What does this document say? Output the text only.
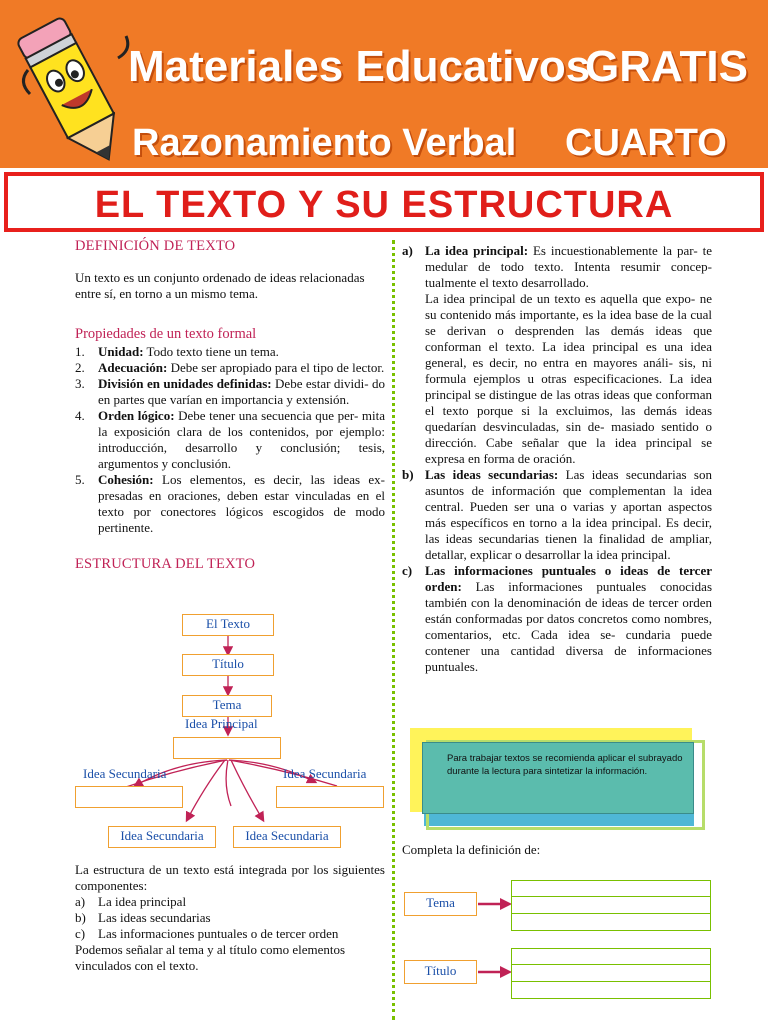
Materiales Educativos
GRATIS
Razonamiento Verbal CUARTO
EL TEXTO Y SU ESTRUCTURA
DEFINICIÓN DE TEXTO
Un texto es un conjunto ordenado de ideas relacionadas entre sí, en torno a un mismo tema.
Propiedades de un texto formal
1. Unidad: Todo texto tiene un tema.
2. Adecuación: Debe ser apropiado para el tipo de lector.
3. División en unidades definidas: Debe estar dividi- do en partes que varían en importancia y extensión.
4. Orden lógico: Debe tener una secuencia que per- mita la exposición clara de los contenidos, por ejemplo: introducción, desarrollo y conclusión; tesis, argumentos y conclusión.
5. Cohesión: Los elementos, es decir, las ideas ex- presadas en oraciones, deben estar vinculadas en el texto por conectores lógicos escogidos de modo pertinente.
ESTRUCTURA DEL TEXTO
El Texto
Título
Tema
Idea Principal
Idea Secundaria	Idea Secundaria
Idea Secundaria	Idea Secundaria
La estructura de un texto está integrada por los siguientes componentes:
a) La idea principal
b) Las ideas secundarias
c) Las informaciones puntuales o de tercer orden
Podemos señalar al tema y al título como elementos vinculados con el texto.
a) La idea principal: Es incuestionablemente la par- te medular de todo texto. Intenta resumir concep- tualmente el texto desarrollado.
La idea principal de un texto es aquella que expo- ne su contenido más importante, es la idea base de la cual se derivan o desprenden las demás ideas que conforman el texto. La idea principal es una idea general, es decir, no entra en mayores análi- sis, ni formula ejemplos u otras especificaciones. La idea principal se distingue de las otras ideas que conforman el texto porque si la excluimos, las demás ideas quedarían desvinculadas, sin de- masiado sentido o dirección. Cabe señalar que la idea principal se expresa en forma de oración.
b) Las ideas secundarias: Las ideas secundarias son asuntos de información que complementan la idea central. Pueden ser una o varias y aportan aspectos más específicos en torno a la idea principal. Es decir, las ideas secundarias tienen la finalidad de ampliar, detallar, explicar o desarrollar la idea principal.
c) Las informaciones puntuales o ideas de tercer orden: Las informaciones puntuales conocidas también con la denominación de ideas de tercer orden están conformadas por datos concretos como nombres, comentarios, etc. Cada idea se- cundaria puede contener una cantidad diversa de informaciones puntuales.
Para trabajar textos se recomienda aplicar el subrayado durante la lectura para sintetizar la información.
Completa la definición de:
Tema
Título
